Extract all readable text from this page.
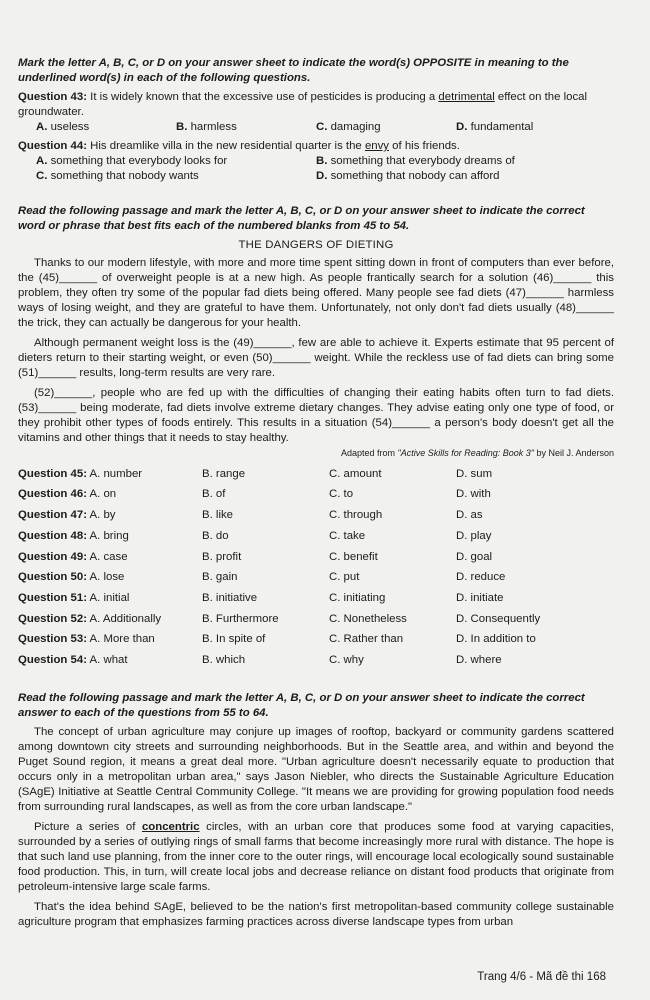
Mark the letter A, B, C, or D on your answer sheet to indicate the word(s) OPPOSITE in meaning to the underlined word(s) in each of the following questions.

Question 43: It is widely known that the excessive use of pesticides is producing a detrimental effect on the local groundwater.

A. useless	B. harmless	C. damaging	D. fundamental

Question 44: His dreamlike villa in the new residential quarter is the envy of his friends.

A. something that everybody looks for	B. something that everybody dreams of
C. something that nobody wants	D. something that nobody can afford

Read the following passage and mark the letter A, B, C, or D on your answer sheet to indicate the correct word or phrase that best fits each of the numbered blanks from 45 to 54.

THE DANGERS OF DIETING

Thanks to our modern lifestyle, with more and more time spent sitting down in front of computers than ever before, the (45)______ of overweight people is at a new high. As people frantically search for a solution (46)______ this problem, they often try some of the popular fad diets being offered. Many people see fad diets (47)______ harmless ways of losing weight, and they are grateful to have them. Unfortunately, not only don't fad diets usually (48)______ the trick, they can actually be dangerous for your health.

Although permanent weight loss is the (49)______, few are able to achieve it. Experts estimate that 95 percent of dieters return to their starting weight, or even (50)______ weight. While the reckless use of fad diets can bring some (51)______ results, long-term results are very rare.

(52)______, people who are fed up with the difficulties of changing their eating habits often turn to fad diets. (53)______ being moderate, fad diets involve extreme dietary changes. They advise eating only one type of food, or they prohibit other types of foods entirely. This results in a situation (54)______ a person's body doesn't get all the vitamins and other things that it needs to stay healthy.

Adapted from "Active Skills for Reading: Book 3" by Neil J. Anderson
Question 45: A. number	B. range	C. amount	D. sum
Question 46: A. on	B. of	C. to	D. with
Question 47: A. by	B. like	C. through	D. as
Question 48: A. bring	B. do	C. take	D. play
Question 49: A. case	B. profit	C. benefit	D. goal
Question 50: A. lose	B. gain	C. put	D. reduce
Question 51: A. initial	B. initiative	C. initiating	D. initiate
Question 52: A. Additionally	B. Furthermore	C. Nonetheless	D. Consequently
Question 53: A. More than	B. In spite of	C. Rather than	D. In addition to
Question 54: A. what	B. which	C. why	D. where

Read the following passage and mark the letter A, B, C, or D on your answer sheet to indicate the correct answer to each of the questions from 55 to 64.

The concept of urban agriculture may conjure up images of rooftop, backyard or community gardens scattered among downtown city streets and surrounding neighborhoods. But in the Seattle area, and within and beyond the Puget Sound region, it means a great deal more. "Urban agriculture doesn't necessarily equate to production that occurs only in a metropolitan urban area," says Jason Niebler, who directs the Sustainable Agriculture Education (SAgE) Initiative at Seattle Central Community College. "It means we are providing for growing population food needs from surrounding rural landscapes, as well as from the core urban landscape."

Picture a series of concentric circles, with an urban core that produces some food at varying capacities, surrounded by a series of outlying rings of small farms that become increasingly more rural with distance. The hope is that such land use planning, from the inner core to the outer rings, will encourage local ecologically sound sustainable food production. This, in turn, will create local jobs and decrease reliance on distant food products that originate from petroleum-intensive large scale farms.

That's the idea behind SAgE, believed to be the nation's first metropolitan-based community college sustainable agriculture program that emphasizes farming practices across diverse landscape types from urban

Trang 4/6 - Mã đề thi 168
